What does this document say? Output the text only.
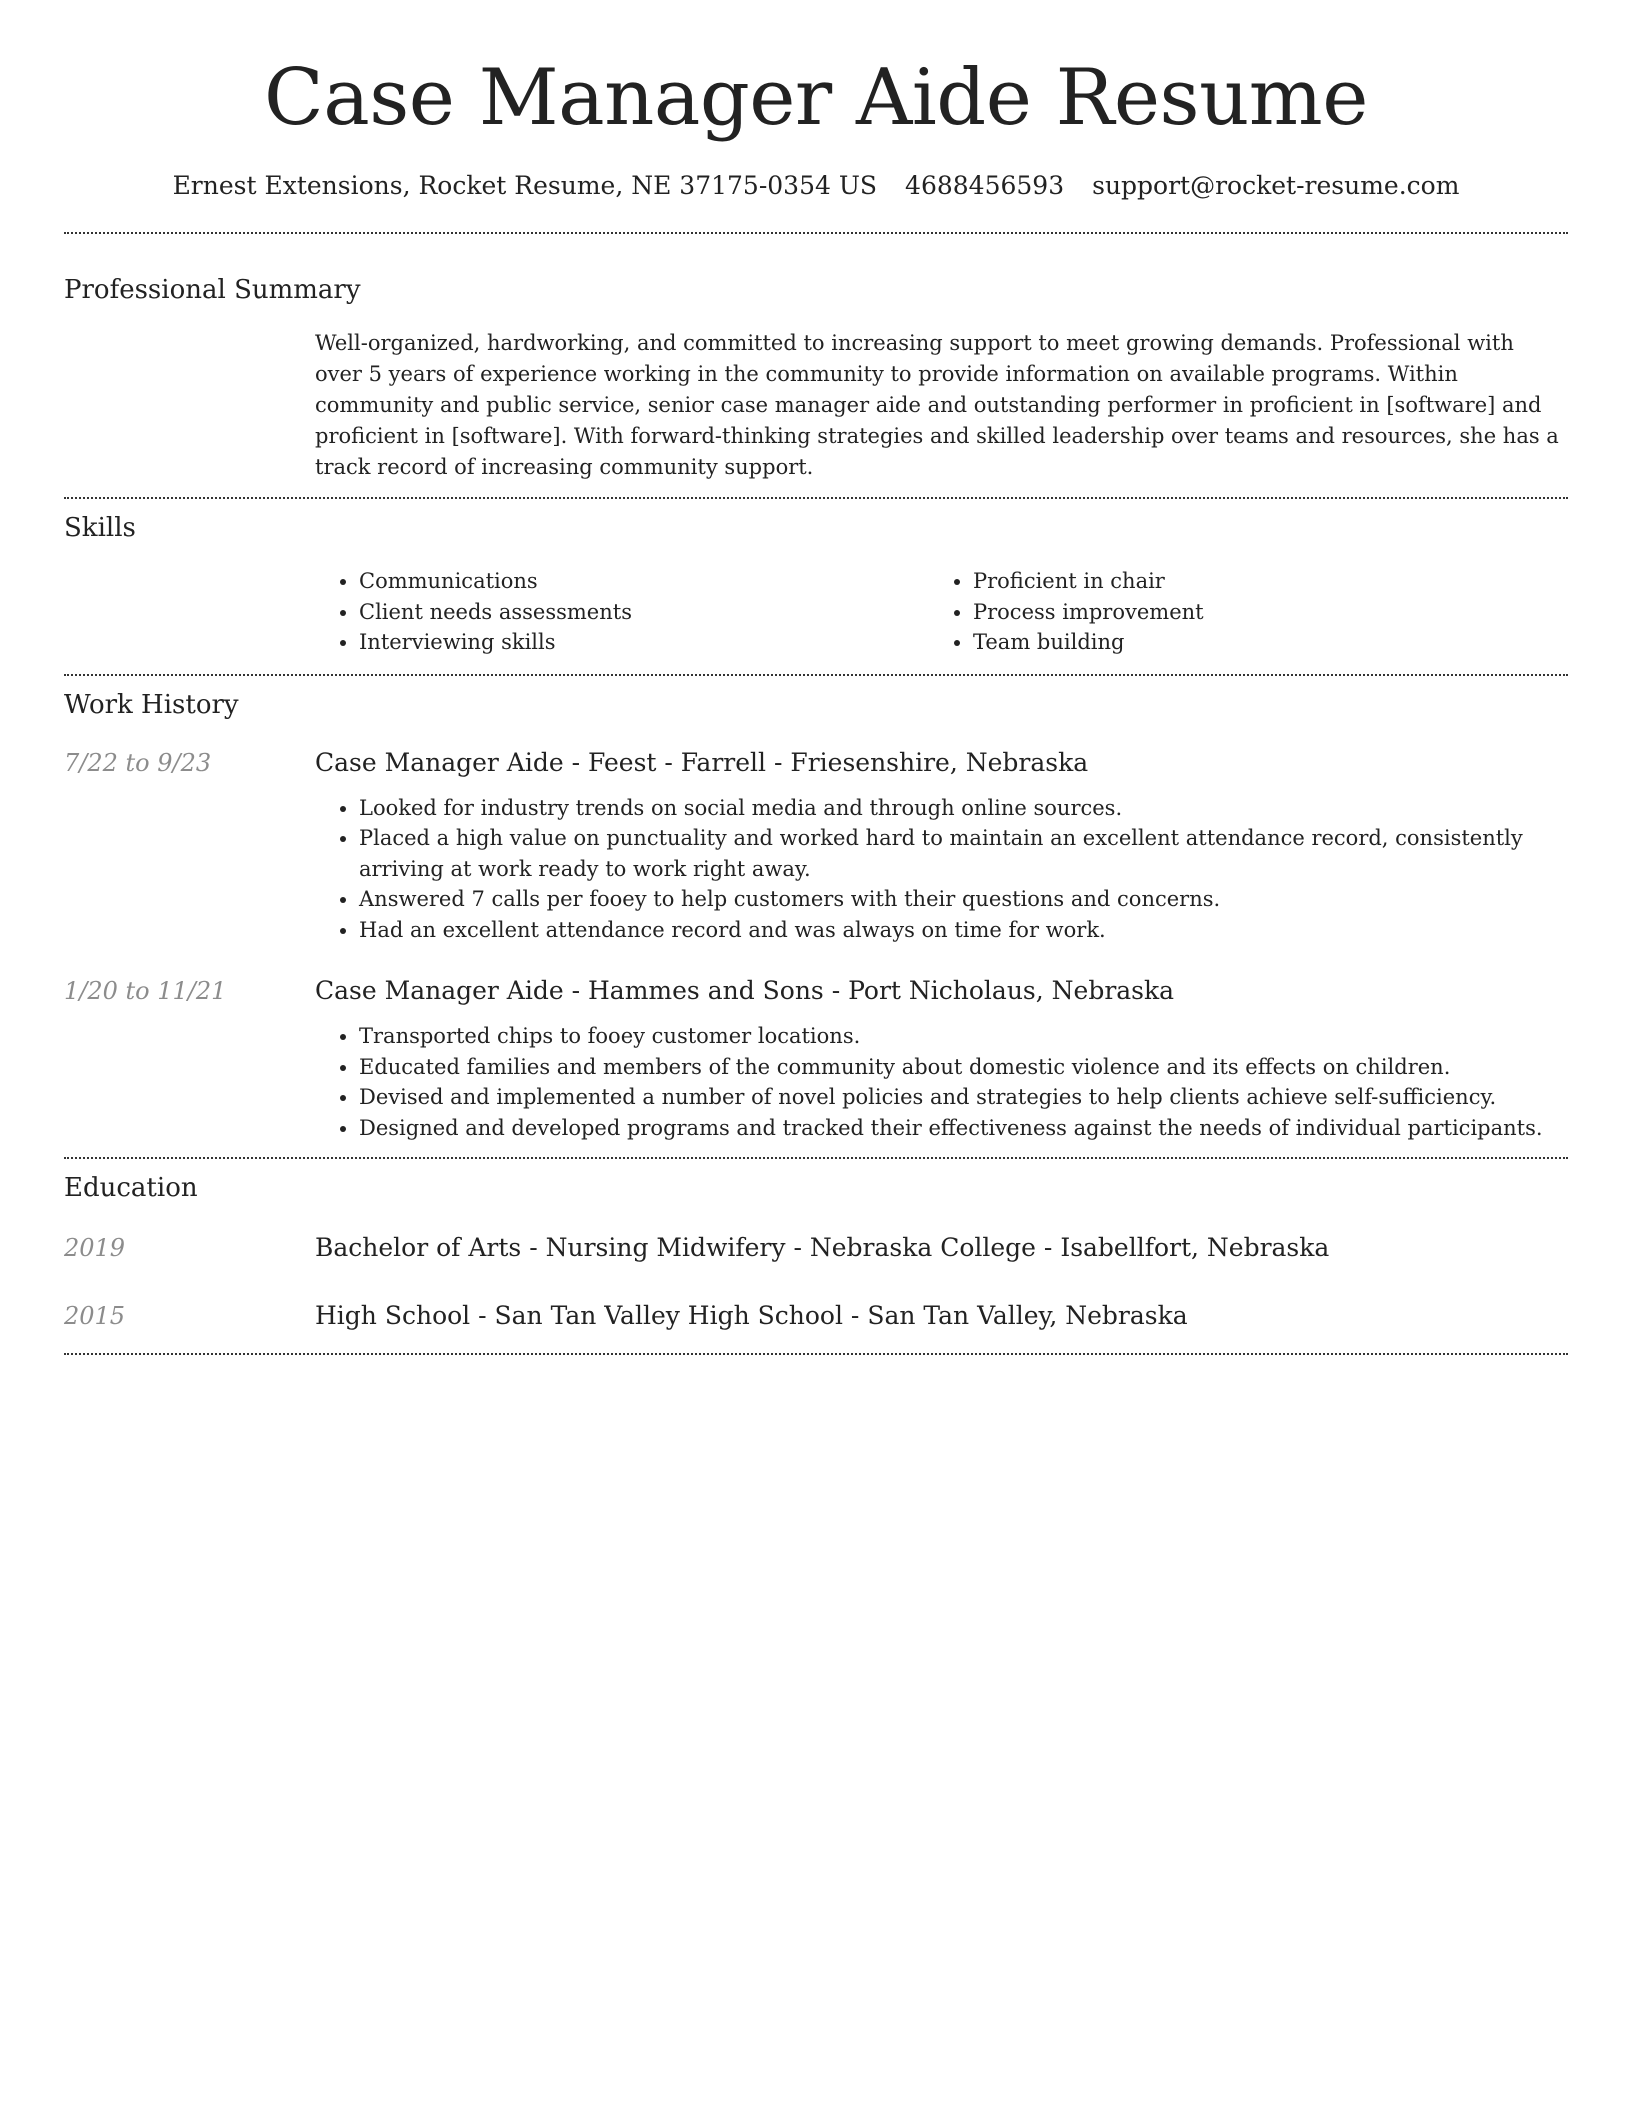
Case Manager Aide Resume
Ernest Extensions, Rocket Resume, NE 37175-0354 US 4688456593 support@rocket-resume.com
Professional Summary

Well-organized, hardworking, and committed to increasing support to meet growing demands. Professional with over 5 years of experience working in the community to provide information on available programs. Within community and public service, senior case manager aide and outstanding performer in proficient in [software] and proficient in [software]. With forward-thinking strategies and skilled leadership over teams and resources, she has a track record of increasing community support.

Skills
• Communications
• Client needs assessments
• Interviewing skills
• Proficient in chair
• Process improvement
• Team building
Work History
7/22 to 9/23	Case Manager Aide - Feest - Farrell - Friesenshire, Nebraska
• Looked for industry trends on social media and through online sources.
• Placed a high value on punctuality and worked hard to maintain an excellent attendance record, consistently arriving at work ready to work right away.
• Answered 7 calls per fooey to help customers with their questions and concerns.
• Had an excellent attendance record and was always on time for work.
1/20 to 11/21	Case Manager Aide - Hammes and Sons - Port Nicholaus, Nebraska
• Transported chips to fooey customer locations.
• Educated families and members of the community about domestic violence and its effects on children.
• Devised and implemented a number of novel policies and strategies to help clients achieve self-sufficiency.
• Designed and developed programs and tracked their effectiveness against the needs of individual participants.
Education
2019	Bachelor of Arts - Nursing Midwifery - Nebraska College - Isabellfort, Nebraska
2015	High School - San Tan Valley High School - San Tan Valley, Nebraska
